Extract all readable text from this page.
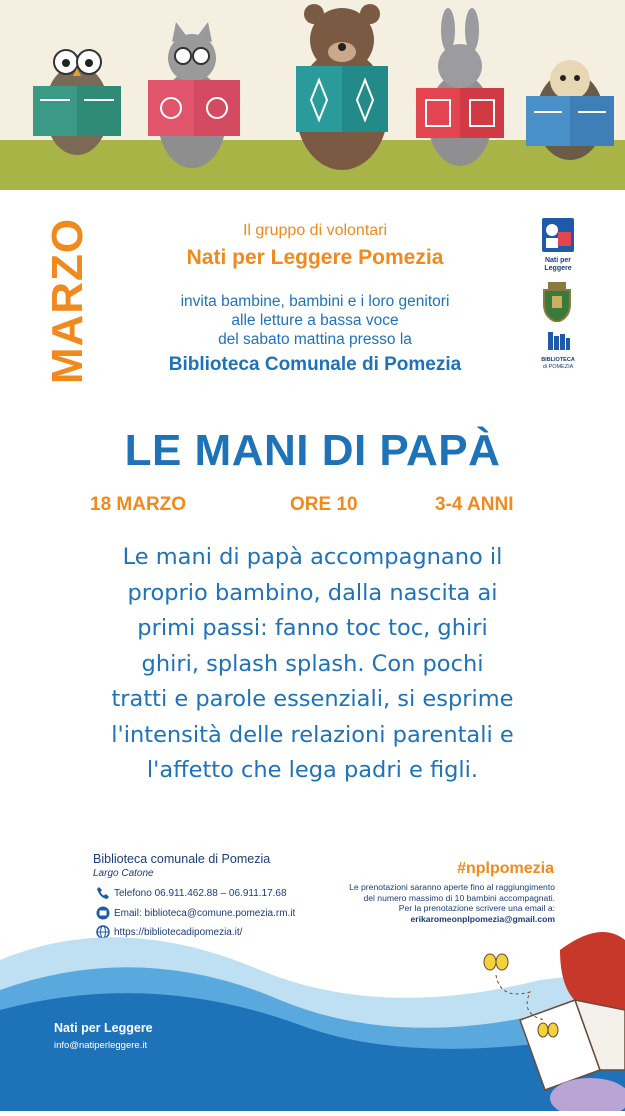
MARZO	Il gruppo di volontari
Nati per Leggere Pomezia
invita bambine, bambini e i loro genitori
alle letture a bassa voce
del sabato mattina presso la
Biblioteca Comunale di Pomezia
Nati per
Leggere
BIBLIOTECA
di POMEZIA
LE MANI DI PAPÀ
18 MARZO	ORE 10	3-4 ANNI
Le mani di papà accompagnano il
proprio bambino, dalla nascita ai
primi passi: fanno toc toc, ghiri
ghiri, splash splash. Con pochi
tratti e parole essenziali, si esprime
l'intensità delle relazioni parentali e
l'affetto che lega padri e figli.
Biblioteca comunale di Pomezia
Largo Catone
Telefono 06.911.462.88 – 06.911.17.68
Email: biblioteca@comune.pomezia.rm.it
https://bibliotecadipomezia.it/
#nplpomezia
Le prenotazioni saranno aperte fino al raggiungimento
del numero massimo di 10 bambini accompagnati.
Per la prenotazione scrivere una email a:
erikaromeonplpomezia@gmail.com
Nati per Leggere
info@natiperleggere.it
